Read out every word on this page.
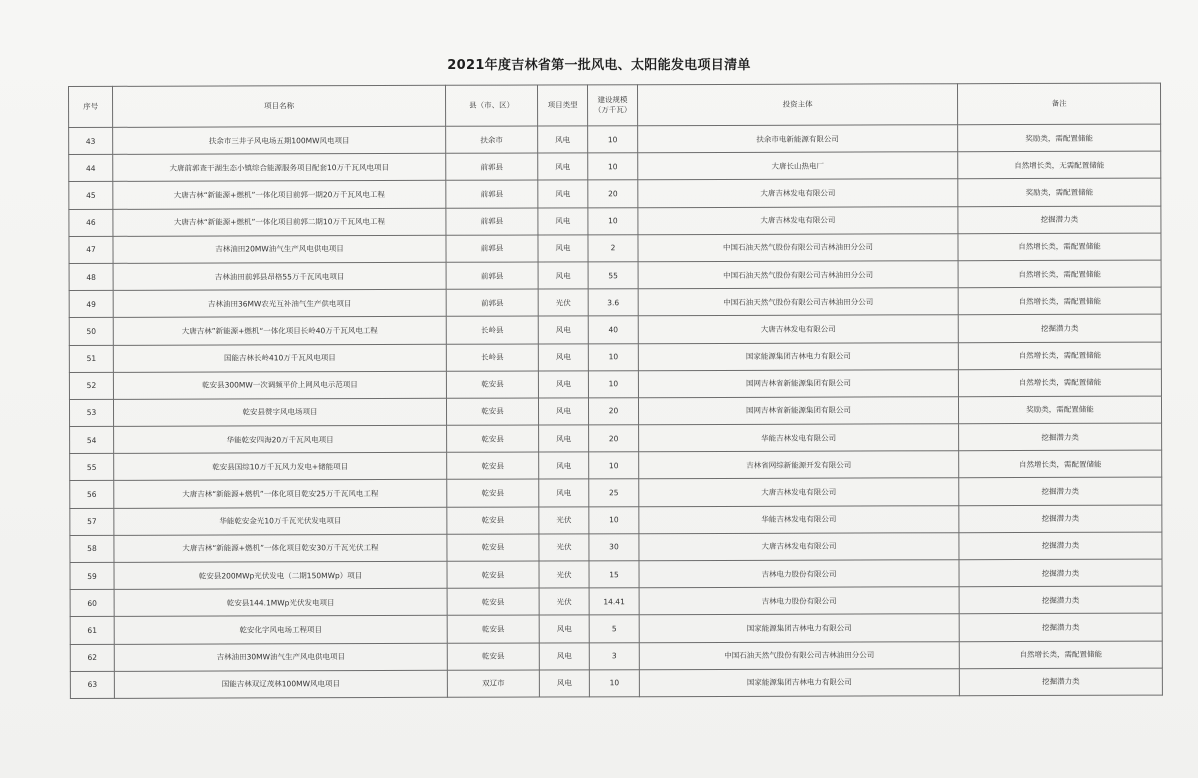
2021年度吉林省第一批风电、太阳能发电项目清单
序号	项目名称	县（市、区）	项目类型	建设规模
（万千瓦）	投资主体	备注
43	扶余市三井子风电场五期100MW风电项目	扶余市	风电	10	扶余市电新能源有限公司	奖励类，需配置储能
44	大唐前郭查干湖生态小镇综合能源服务项目配套10万千瓦风电项目	前郭县	风电	10	大唐长山热电厂	自然增长类，无需配置储能
45	大唐吉林“新能源+燃机”一体化项目前郭一期20万千瓦风电工程	前郭县	风电	20	大唐吉林发电有限公司	奖励类，需配置储能
46	大唐吉林“新能源+燃机”一体化项目前郭二期10万千瓦风电工程	前郭县	风电	10	大唐吉林发电有限公司	挖掘潜力类
47	吉林油田20MW油气生产风电供电项目	前郭县	风电	2	中国石油天然气股份有限公司吉林油田分公司	自然增长类，需配置储能
48	吉林油田前郭县昂格55万千瓦风电项目	前郭县	风电	55	中国石油天然气股份有限公司吉林油田分公司	自然增长类，需配置储能
49	吉林油田36MW农光互补油气生产供电项目	前郭县	光伏	3.6	中国石油天然气股份有限公司吉林油田分公司	自然增长类，需配置储能
50	大唐吉林”新能源+燃机“一体化项目长岭40万千瓦风电工程	长岭县	风电	40	大唐吉林发电有限公司	挖掘潜力类
51	国能吉林长岭410万千瓦风电项目	长岭县	风电	10	国家能源集团吉林电力有限公司	自然增长类，需配置储能
52	乾安县300MW一次调频平价上网风电示范项目	乾安县	风电	10	国网吉林省新能源集团有限公司	自然增长类，需配置储能
53	乾安县赞字风电场项目	乾安县	风电	20	国网吉林省新能源集团有限公司	奖励类，需配置储能
54	华能乾安四海20万千瓦风电项目	乾安县	风电	20	华能吉林发电有限公司	挖掘潜力类
55	乾安县国综10万千瓦风力发电+储能项目	乾安县	风电	10	吉林省网综新能源开发有限公司	自然增长类，需配置储能
56	大唐吉林“新能源+燃机”一体化项目乾安25万千瓦风电工程	乾安县	风电	25	大唐吉林发电有限公司	挖掘潜力类
57	华能乾安金光10万千瓦光伏发电项目	乾安县	光伏	10	华能吉林发电有限公司	挖掘潜力类
58	大唐吉林“新能源+燃机”一体化项目乾安30万千瓦光伏工程	乾安县	光伏	30	大唐吉林发电有限公司	挖掘潜力类
59	乾安县200MWp光伏发电（二期150MWp）项目	乾安县	光伏	15	吉林电力股份有限公司	挖掘潜力类
60	乾安县144.1MWp光伏发电项目	乾安县	光伏	14.41	吉林电力股份有限公司	挖掘潜力类
61	乾安化字风电场工程项目	乾安县	风电	5	国家能源集团吉林电力有限公司	挖掘潜力类
62	吉林油田30MW油气生产风电供电项目	乾安县	风电	3	中国石油天然气股份有限公司吉林油田分公司	自然增长类，需配置储能
63	国能吉林双辽茂林100MW风电项目	双辽市	风电	10	国家能源集团吉林电力有限公司	挖掘潜力类
